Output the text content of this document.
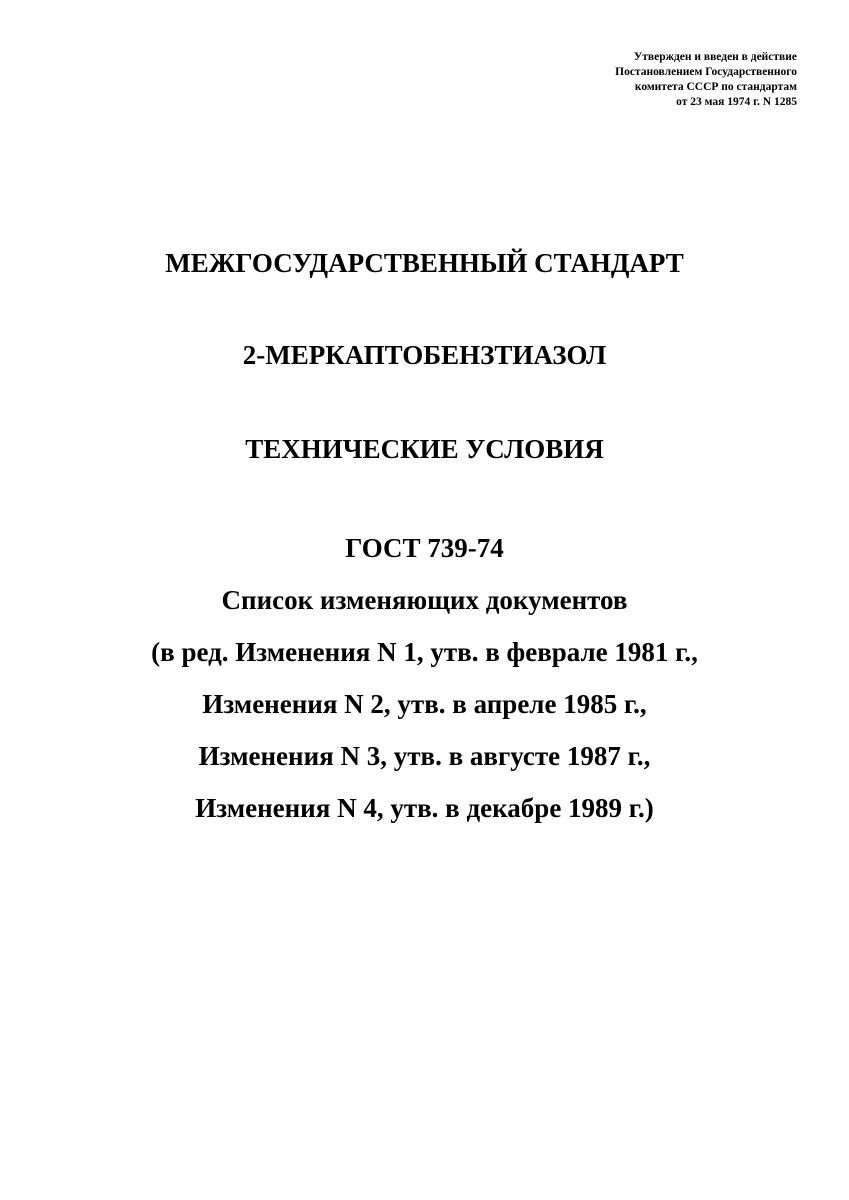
Утвержден и введен в действие
Постановлением Государственного
комитета СССР по стандартам
от 23 мая 1974 г. N 1285
МЕЖГОСУДАРСТВЕННЫЙ СТАНДАРТ
2-МЕРКАПТОБЕНЗТИАЗОЛ
ТЕХНИЧЕСКИЕ УСЛОВИЯ
ГОСТ 739-74
Список изменяющих документов
(в ред. Изменения N 1, утв. в феврале 1981 г.,
Изменения N 2, утв. в апреле 1985 г.,
Изменения N 3, утв. в августе 1987 г.,
Изменения N 4, утв. в декабре 1989 г.)
